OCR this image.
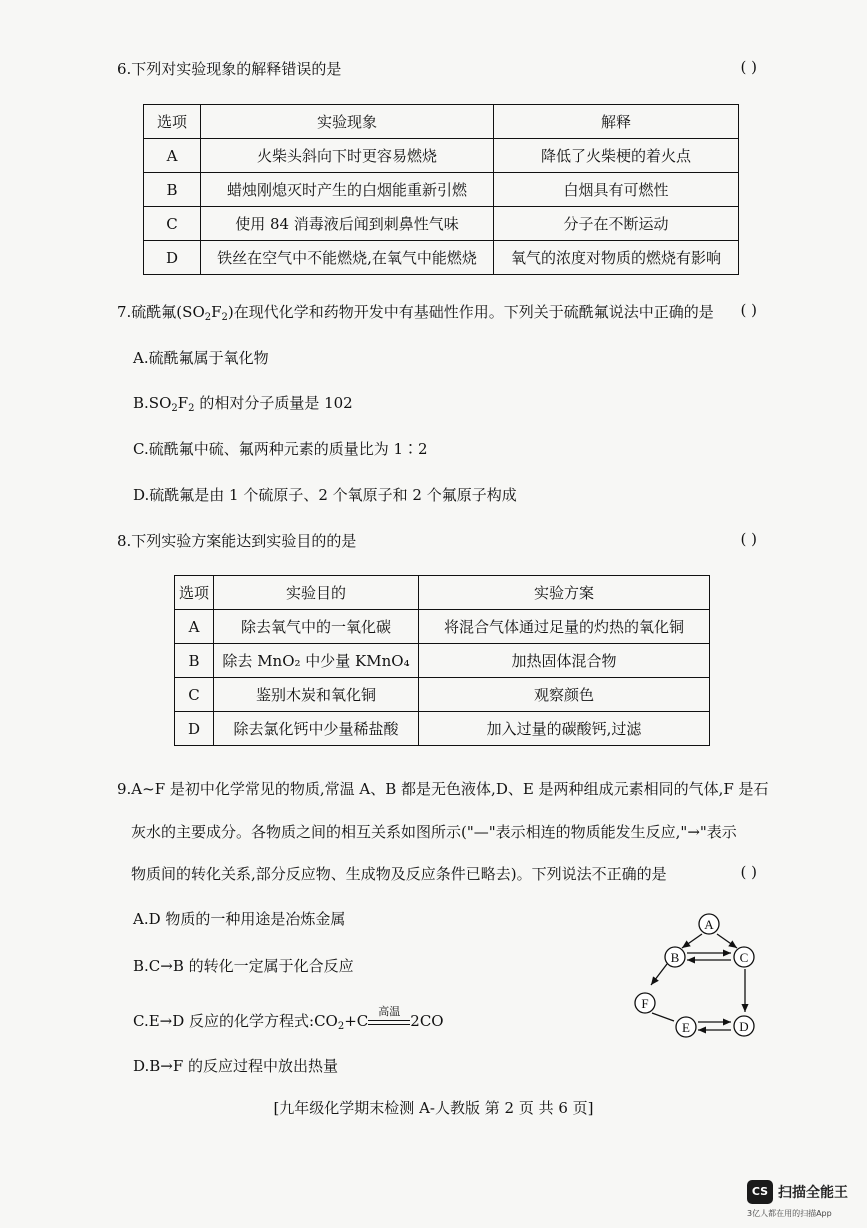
6.下列对实验现象的解释错误的是	( )
选项	实验现象	解释
A	火柴头斜向下时更容易燃烧	降低了火柴梗的着火点
B	蜡烛刚熄灭时产生的白烟能重新引燃	白烟具有可燃性
C	使用 84 消毒液后闻到刺鼻性气味	分子在不断运动
D	铁丝在空气中不能燃烧,在氧气中能燃烧	氧气的浓度对物质的燃烧有影响
7.硫酰氟$(SO_2F_2)$在现代化学和药物开发中有基础性作用。下列关于硫酰氟说法中正确的是 ( )
A.硫酰氟属于氧化物
$B.SO_2F_2$ 的相对分子质量是 102
C.硫酰氟中硫、氟两种元素的质量比为 1∶2
D.硫酰氟是由 1 个硫原子、2 个氧原子和 2 个氟原子构成
8.下列实验方案能达到实验目的的是	( )
选项	实验目的	实验方案
A	除去氧气中的一氧化碳	将混合气体通过足量的灼热的氧化铜
B	除去 MnO₂ 中少量 KMnO₄	加热固体混合物
C	鉴别木炭和氧化铜	观察颜色
D	除去氯化钙中少量稀盐酸	加入过量的碳酸钙,过滤
9.A~F 是初中化学常见的物质,常温 A、B 都是无色液体,D、E 是两种组成元素相同的气体,F 是石
灰水的主要成分。各物质之间的相互关系如图所示("—"表示相连的物质能发生反应,"→"表示
物质间的转化关系,部分反应物、生成物及反应条件已略去)。下列说法不正确的是	( )
A.D 物质的一种用途是冶炼金属
B.C→B 的转化一定属于化合反应
C.E→D 反应的化学方程式$:CO_2+C$
高温
2CO
D.B→F 的反应过程中放出热量
A
B	C
D
E
F
[九年级化学期末检测 A-人教版 第 2 页 共 6 页]
CS 扫描全能王
3亿人都在用的扫描App
